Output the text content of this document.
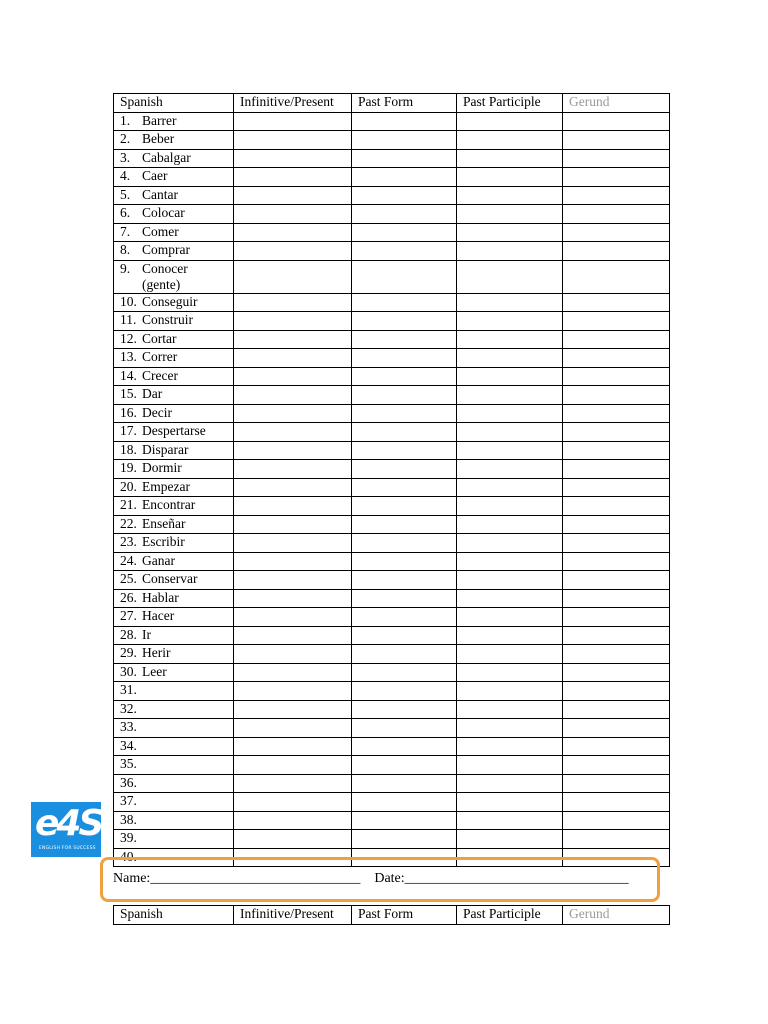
Spanish	Infinitive/Present	Past Form	Past Participle	Gerund
1. Barrer				
2. Beber				
3. Cabalgar				
4. Caer				
5. Cantar				
6. Colocar				
7. Comer				
8. Comprar				
9. Conocer (gente)				
10. Conseguir				
11. Construir				
12. Cortar				
13. Correr				
14. Crecer				
15. Dar				
16. Decir				
17. Despertarse				
18. Disparar				
19. Dormir				
20. Empezar				
21. Encontrar				
22. Enseñar				
23. Escribir				
24. Ganar				
25. Conservar				
26. Hablar				
27. Hacer				
28. Ir				
29. Herir				
30. Leer				
31.				
32.				
33.				
34.				
35.				
36.				
37.				
38.				
39.				
40.				
Name:______________________________ Date:________________________________
Spanish	Infinitive/Present	Past Form	Past Participle	Gerund
e4S
ENGLISH FOR SUCCESS
